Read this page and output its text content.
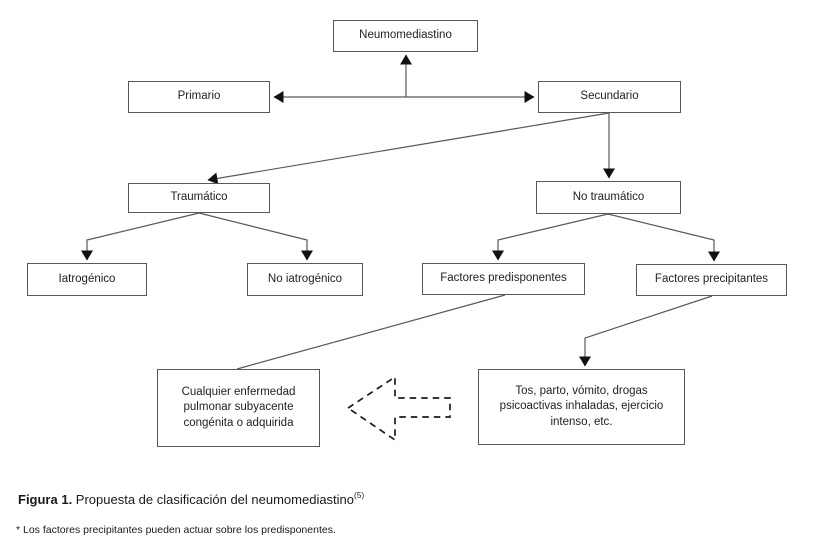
Neumomediastino
Primario	Secundario
Traumático	No traumático
Iatrogénico	No iatrogénico	Factores predisponentes	Factores precipitantes
Cualquier enfermedad pulmonar subyacente congénita o adquirida
Tos, parto, vómito, drogas psicoactivas inhaladas, ejercicio intenso, etc.
Figura 1. Propuesta de clasificación del neumomediastino$^{(5)}$
* Los factores precipitantes pueden actuar sobre los predisponentes.
